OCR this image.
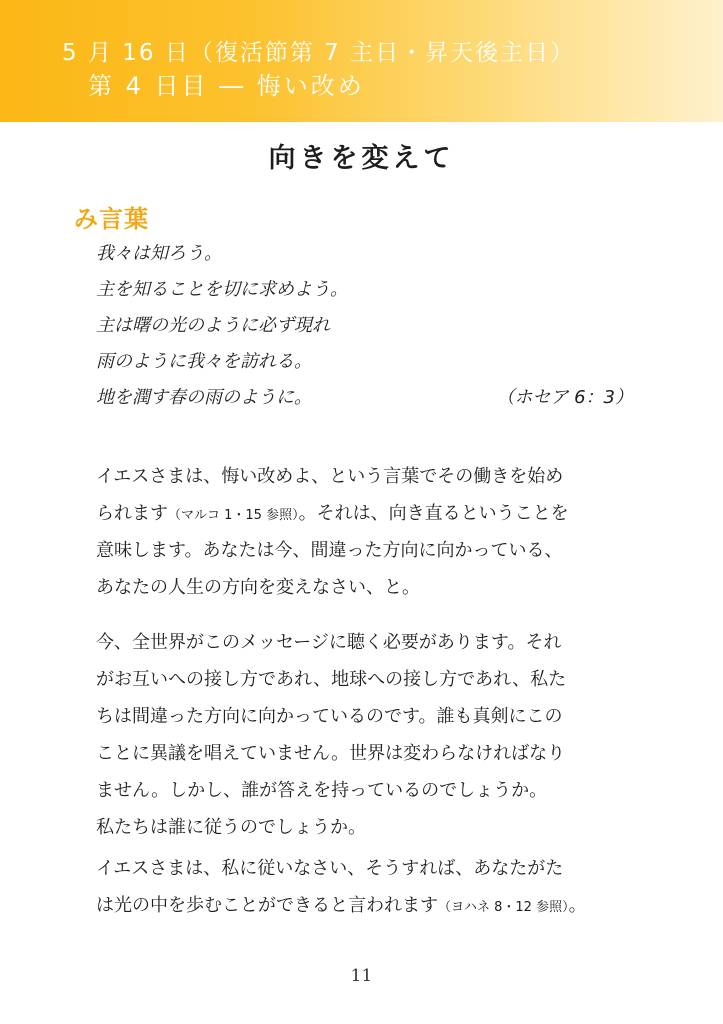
5 月 16 日（復活節第 7 主日・昇天後主日）
第 4 日目 ― 悔い改め
向きを変えて
み言葉
我々は知ろう。
主を知ることを切に求めよう。
主は曙の光のように必ず現れ
雨のように我々を訪れる。
地を潤す春の雨のように。	（ホセア 6：3）
イエスさまは、悔い改めよ、という言葉でその働きを始め
られます（マルコ 1・15 参照）。それは、向き直るということを
意味します。あなたは今、間違った方向に向かっている、
あなたの人生の方向を変えなさい、と。
今、全世界がこのメッセージに聴く必要があります。それ
がお互いへの接し方であれ、地球への接し方であれ、私た
ちは間違った方向に向かっているのです。誰も真剣にこの
ことに異議を唱えていません。世界は変わらなければなり
ません。しかし、誰が答えを持っているのでしょうか。
私たちは誰に従うのでしょうか。
イエスさまは、私に従いなさい、そうすれば、あなたがた
は光の中を歩むことができると言われます（ヨハネ 8・12 参照）。
11
